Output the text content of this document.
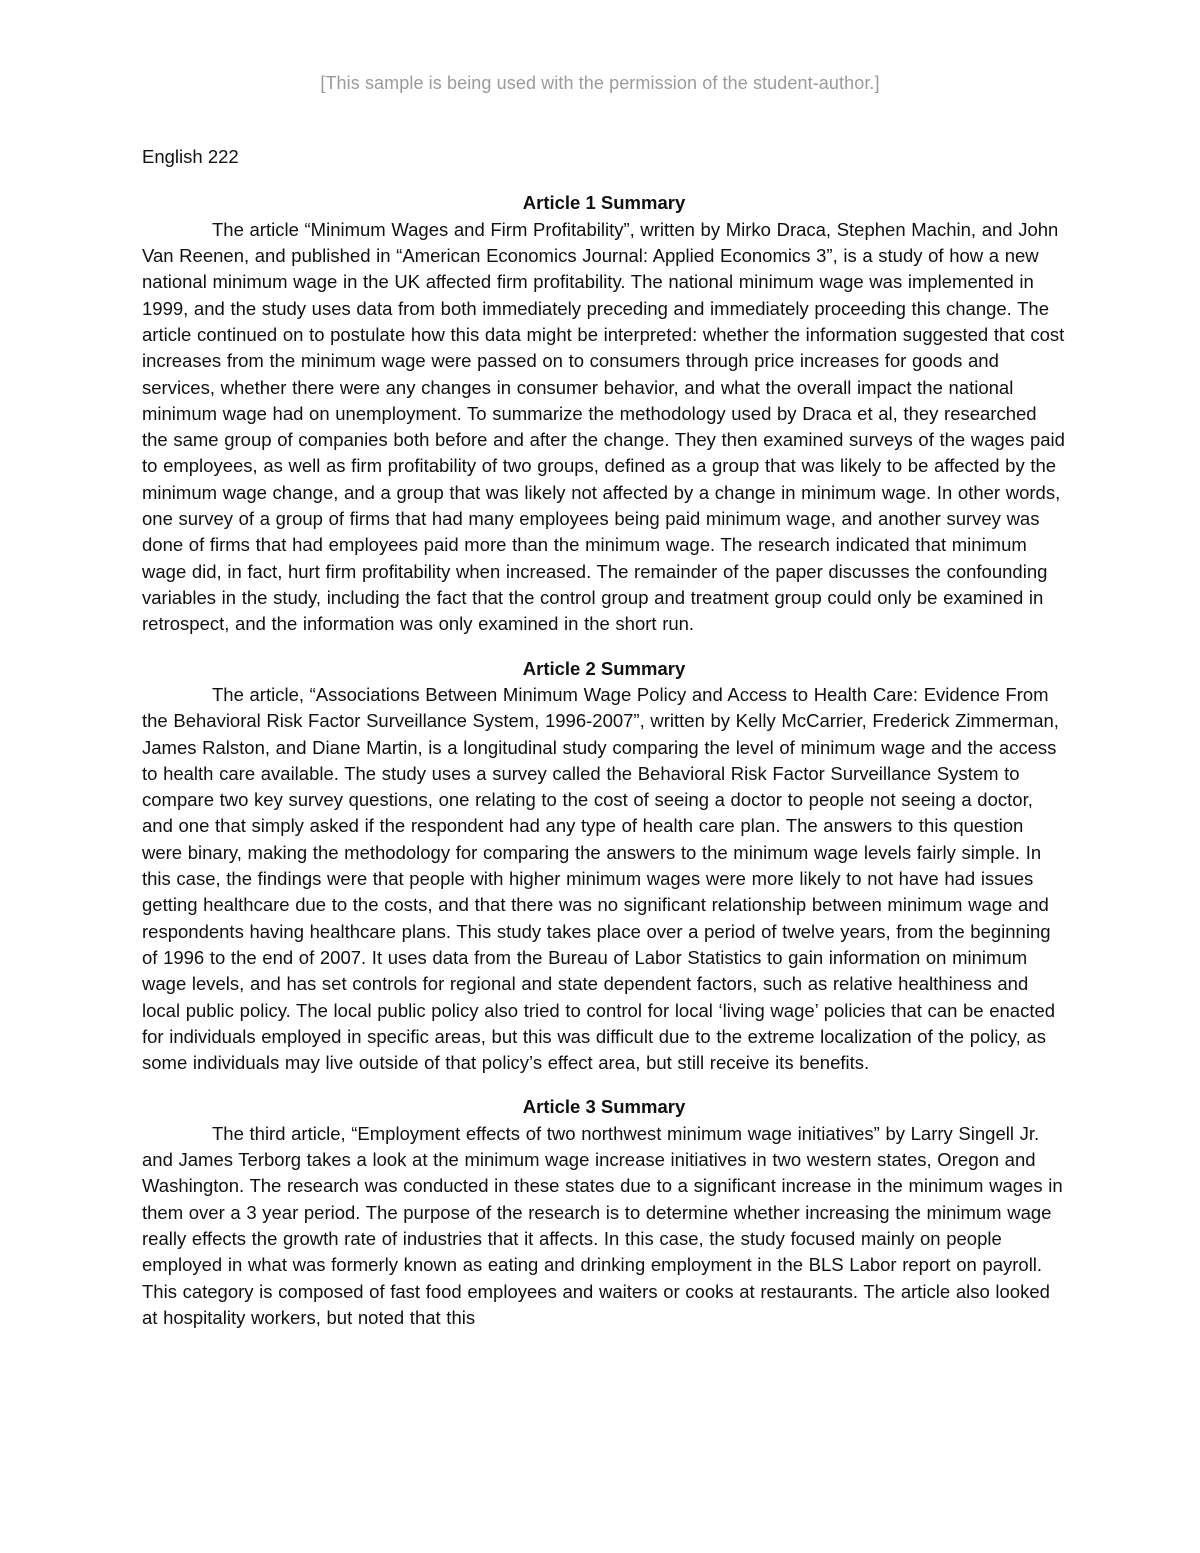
[This sample is being used with the permission of the student-author.]

English 222

Article 1 Summary

The article “Minimum Wages and Firm Profitability”, written by Mirko Draca, Stephen Machin, and John Van Reenen, and published in “American Economics Journal: Applied Economics 3”, is a study of how a new national minimum wage in the UK affected firm profitability. The national minimum wage was implemented in 1999, and the study uses data from both immediately preceding and immediately proceeding this change. The article continued on to postulate how this data might be interpreted: whether the information suggested that cost increases from the minimum wage were passed on to consumers through price increases for goods and services, whether there were any changes in consumer behavior, and what the overall impact the national minimum wage had on unemployment. To summarize the methodology used by Draca et al, they researched the same group of companies both before and after the change. They then examined surveys of the wages paid to employees, as well as firm profitability of two groups, defined as a group that was likely to be affected by the minimum wage change, and a group that was likely not affected by a change in minimum wage. In other words, one survey of a group of firms that had many employees being paid minimum wage, and another survey was done of firms that had employees paid more than the minimum wage. The research indicated that minimum wage did, in fact, hurt firm profitability when increased. The remainder of the paper discusses the confounding variables in the study, including the fact that the control group and treatment group could only be examined in retrospect, and the information was only examined in the short run.

Article 2 Summary

The article, “Associations Between Minimum Wage Policy and Access to Health Care: Evidence From the Behavioral Risk Factor Surveillance System, 1996-2007”, written by Kelly McCarrier, Frederick Zimmerman, James Ralston, and Diane Martin, is a longitudinal study comparing the level of minimum wage and the access to health care available. The study uses a survey called the Behavioral Risk Factor Surveillance System to compare two key survey questions, one relating to the cost of seeing a doctor to people not seeing a doctor, and one that simply asked if the respondent had any type of health care plan. The answers to this question were binary, making the methodology for comparing the answers to the minimum wage levels fairly simple. In this case, the findings were that people with higher minimum wages were more likely to not have had issues getting healthcare due to the costs, and that there was no significant relationship between minimum wage and respondents having healthcare plans. This study takes place over a period of twelve years, from the beginning of 1996 to the end of 2007. It uses data from the Bureau of Labor Statistics to gain information on minimum wage levels, and has set controls for regional and state dependent factors, such as relative healthiness and local public policy. The local public policy also tried to control for local ‘living wage’ policies that can be enacted for individuals employed in specific areas, but this was difficult due to the extreme localization of the policy, as some individuals may live outside of that policy’s effect area, but still receive its benefits.

Article 3 Summary

The third article, “Employment effects of two northwest minimum wage initiatives” by Larry Singell Jr. and James Terborg takes a look at the minimum wage increase initiatives in two western states, Oregon and Washington. The research was conducted in these states due to a significant increase in the minimum wages in them over a 3 year period. The purpose of the research is to determine whether increasing the minimum wage really effects the growth rate of industries that it affects. In this case, the study focused mainly on people employed in what was formerly known as eating and drinking employment in the BLS Labor report on payroll. This category is composed of fast food employees and waiters or cooks at restaurants. The article also looked at hospitality workers, but noted that this
